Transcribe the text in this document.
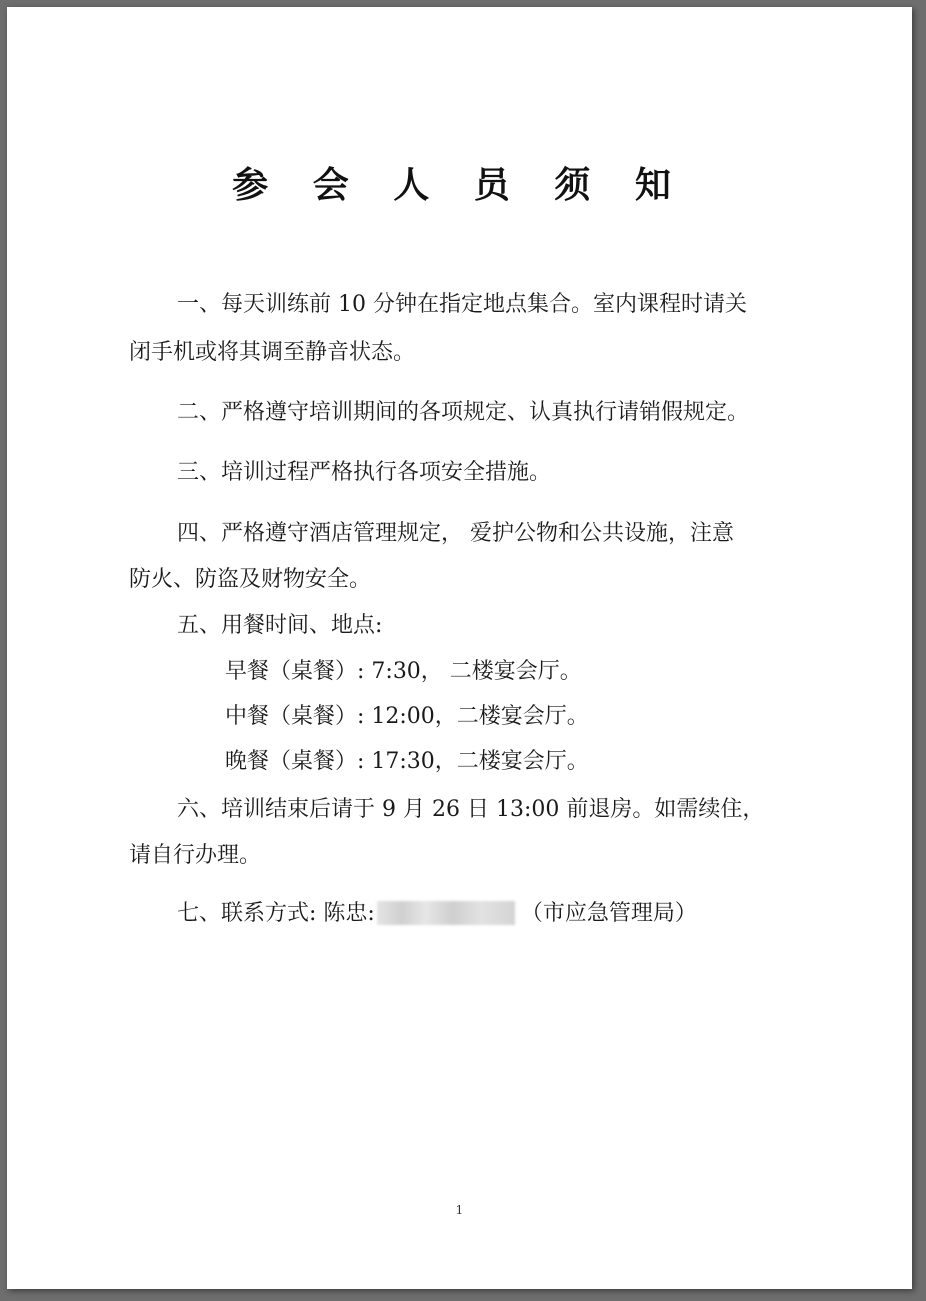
参 会 人 员 须 知

一、每天训练前 10 分钟在指定地点集合。室内课程时请关

闭手机或将其调至静音状态。

二、严格遵守培训期间的各项规定、认真执行请销假规定。

三、培训过程严格执行各项安全措施。

四、严格遵守酒店管理规定， 爱护公物和公共设施，注意

防火、防盗及财物安全。

五、用餐时间、地点:

早餐（桌餐）: 7:30， 二楼宴会厅。

中餐（桌餐）: 12:00，二楼宴会厅。

晚餐（桌餐）: 17:30，二楼宴会厅。

六、培训结束后请于 9 月 26 日 13:00 前退房。如需续住，

请自行办理。

七、联系方式: 陈忠:	（市应急管理局）

1
